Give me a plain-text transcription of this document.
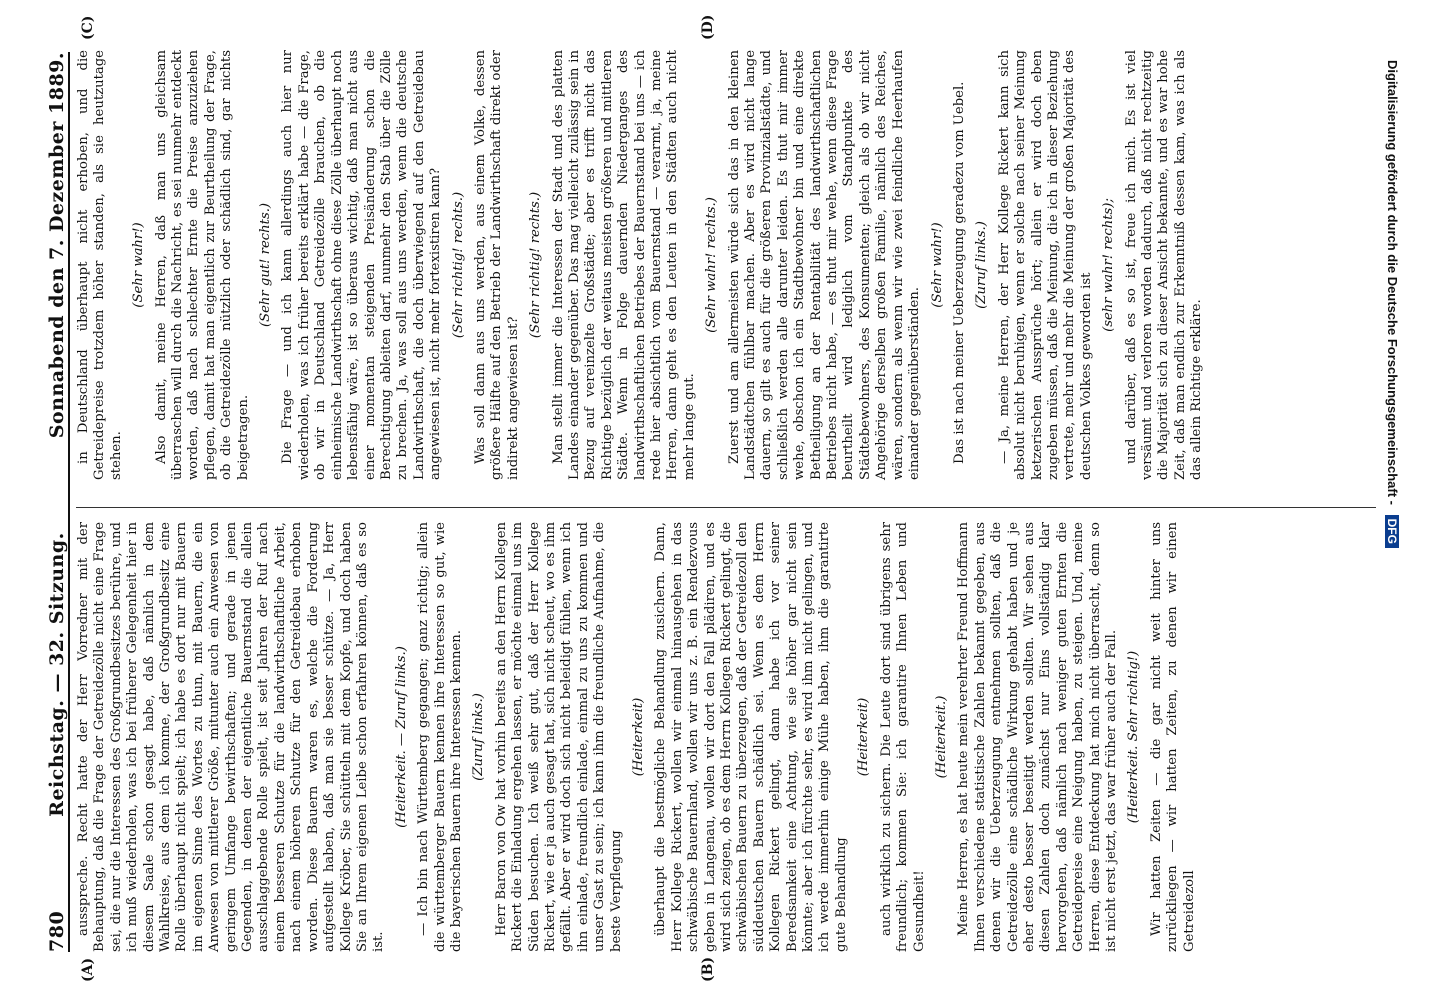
780
Reichstag. — 32. Sitzung.
Sonnabend den 7. Dezember 1889.
(A)	(B)
(C)	(D)

ausspreche. Recht hatte der Herr Vorredner mit der Behauptung, daß die Frage der Getreidezölle nicht eine Frage sei, die nur die Interessen des Großgrundbesitzes berühre, und ich muß wiederholen, was ich bei früherer Gelegenheit hier in diesem Saale schon gesagt habe, daß nämlich in dem Wahlkreise, aus dem ich komme, der Großgrundbesitz eine Rolle überhaupt nicht spielt; ich habe es dort nur mit Bauern im eigenen Sinne des Wortes zu thun, mit Bauern, die ein Anwesen von mittlerer Größe, mitunter auch ein Anwesen von geringem Umfange bewirthschaften; und gerade in jenen Gegenden, in denen der eigentliche Bauernstand die allein ausschlaggebende Rolle spielt, ist seit Jahren der Ruf nach einem besseren Schutze für die landwirthschaftliche Arbeit, nach einem höheren Schutze für den Getreidebau erhoben worden. Diese Bauern waren es, welche die Forderung aufgestellt haben, daß man sie besser schütze. — Ja, Herr Kollege Kröber, Sie schütteln mit dem Kopfe, und doch haben Sie an Ihrem eigenen Leibe schon erfahren können, daß es so ist.

(Heiterkeit. — Zuruf links.) — Ich bin nach Württemberg gegangen; ganz richtig; allein die württemberger Bauern kennen ihre Interessen so gut, wie die bayerischen Bauern ihre Interessen kennen. (Zuruf links.) Herr Baron von Ow hat vorhin bereits an den Herrn Kollegen Rickert die Einladung ergehen lassen, er möchte einmal uns im Süden besuchen. Ich weiß sehr gut, daß der Herr Kollege Rickert, wie er ja auch gesagt hat, sich nicht scheut, wo es ihm gefällt. Aber er wird doch sich nicht beleidigt fühlen, wenn ich ihn einlade, freundlich einlade, einmal zu uns zu kommen und unser Gast zu sein; ich kann ihm die freundliche Aufnahme, die beste Verpflegung

(Heiterkeit) überhaupt die bestmögliche Behandlung zusichern. Dann, Herr Kollege Rickert, wollen wir einmal hinausgehen in das schwäbische Bauernland, wollen wir uns z. B. ein Rendezvous geben in Langenau, wollen wir dort den Fall plädiren, und es wird sich zeigen, ob es dem Herrn Kollegen Rickert gelingt, die schwäbischen Bauern zu überzeugen, daß der Getreidezoll den süddeutschen Bauern schädlich sei. Wenn es dem Herrn Kollegen Rickert gelingt, dann habe ich vor seiner Beredsamkeit eine Achtung, wie sie höher gar nicht sein könnte; aber ich fürchte sehr, es wird ihm nicht gelingen, und ich werde immerhin einige Mühe haben, ihm die garantirte gute Behandlung

(Heiterkeit) auch wirklich zu sichern. Die Leute dort sind übrigens sehr freundlich; kommen Sie: ich garantire Ihnen Leben und Gesundheit!

(Heiterkeit.) Meine Herren, es hat heute mein verehrter Freund Hoffmann Ihnen verschiedene statistische Zahlen bekannt gegeben, aus denen wir die Ueberzeugung entnehmen sollten, daß die Getreidezölle eine schädliche Wirkung gehabt haben und je eher desto besser beseitigt werden sollten. Wir sehen aus diesen Zahlen doch zunächst nur Eins vollständig klar hervorgehen, daß nämlich nach weniger guten Ernten die Getreidepreise eine Neigung haben, zu steigen. Und, meine Herren, diese Entdeckung hat mich nicht überrascht, denn so ist nicht erst jetzt, das war früher auch der Fall. (Heiterkeit. Sehr richtig!) Wir hatten Zeiten — die gar nicht weit hinter uns zurückliegen — wir hatten Zeiten, zu denen wir einen Getreidezoll

in Deutschland überhaupt nicht erhoben, und die Getreidepreise trotzdem höher standen, als sie heutzutage stehen.

(Sehr wahr!) Also damit, meine Herren, daß man uns gleichsam überraschen will durch die Nachricht, es sei nunmehr entdeckt worden, daß nach schlechter Ernte die Preise anzuziehen pflegen, damit hat man eigentlich zur Beurtheilung der Frage, ob die Getreidezölle nützlich oder schädlich sind, gar nichts beigetragen.

(Sehr gut! rechts.) Die Frage — und ich kann allerdings auch hier nur wiederholen, was ich früher bereits erklärt habe — die Frage, ob wir in Deutschland Getreidezölle brauchen, ob die einheimische Landwirthschaft ohne diese Zölle überhaupt noch lebensfähig wäre, ist so überaus wichtig, daß man nicht aus einer momentan steigenden Preisänderung schon die Berechtigung ableiten darf, nunmehr den Stab über die Zölle zu brechen. Ja, was soll aus uns werden, wenn die deutsche Landwirthschaft, die doch überwiegend auf den Getreidebau angewiesen ist, nicht mehr fortexistiren kann? (Sehr richtig! rechts.) Was soll dann aus uns werden, aus einem Volke, dessen größere Hälfte auf den Betrieb der Landwirthschaft direkt oder indirekt angewiesen ist?

(Sehr richtig! rechts.) Man stellt immer die Interessen der Stadt und des platten Landes einander gegenüber. Das mag vielleicht zulässig sein in Bezug auf vereinzelte Großstädte; aber es trifft nicht das Richtige bezüglich der weitaus meisten größeren und mittleren Städte. Wenn in Folge dauernden Niederganges des landwirthschaftlichen Betriebes der Bauernstand bei uns — ich rede hier absichtlich vom Bauernstand — verarmt, ja, meine Herren, dann geht es den Leuten in den Städten auch nicht mehr lange gut.

(Sehr wahr! rechts.) Zuerst und am allermeisten würde sich das in den kleinen Landstädtchen fühlbar machen. Aber es wird nicht lange dauern, so gilt es auch für die größeren Provinzialstädte, und schließlich werden alle darunter leiden. Es thut mir immer wehe, obschon ich ein Stadtbewohner bin und eine direkte Betheiligung an der Rentabilität des landwirthschaftlichen Betriebes nicht habe, — es thut mir wehe, wenn diese Frage beurtheilt wird lediglich vom Standpunkte des Städtebewohners, des Konsumenten; gleich als ob wir nicht Angehörige derselben großen Familie, nämlich des Reiches, wären, sondern als wenn wir wie zwei feindliche Heerhaufen einander gegenüberständen.

(Sehr wahr!) Das ist nach meiner Ueberzeugung geradezu vom Uebel. (Zuruf links.) — Ja, meine Herren, der Herr Kollege Rickert kann sich absolut nicht beruhigen, wenn er solche nach seiner Meinung ketzerischen Aussprüche hört; allein er wird doch eben zugeben müssen, daß die Meinung, die ich in dieser Beziehung vertrete, mehr und mehr die Meinung der großen Majorität des deutschen Volkes geworden ist

(sehr wahr! rechts); und darüber, daß es so ist, freue ich mich. Es ist viel versäumt und verloren worden dadurch, daß nicht rechtzeitig die Majorität sich zu dieser Ansicht bekannte, und es war hohe Zeit, daß man endlich zur Erkenntniß dessen kam, was ich als das allein Richtige erkläre.	Digitalisierung gefördert durch die Deutsche Forschungsgemeinschaft - DFG
